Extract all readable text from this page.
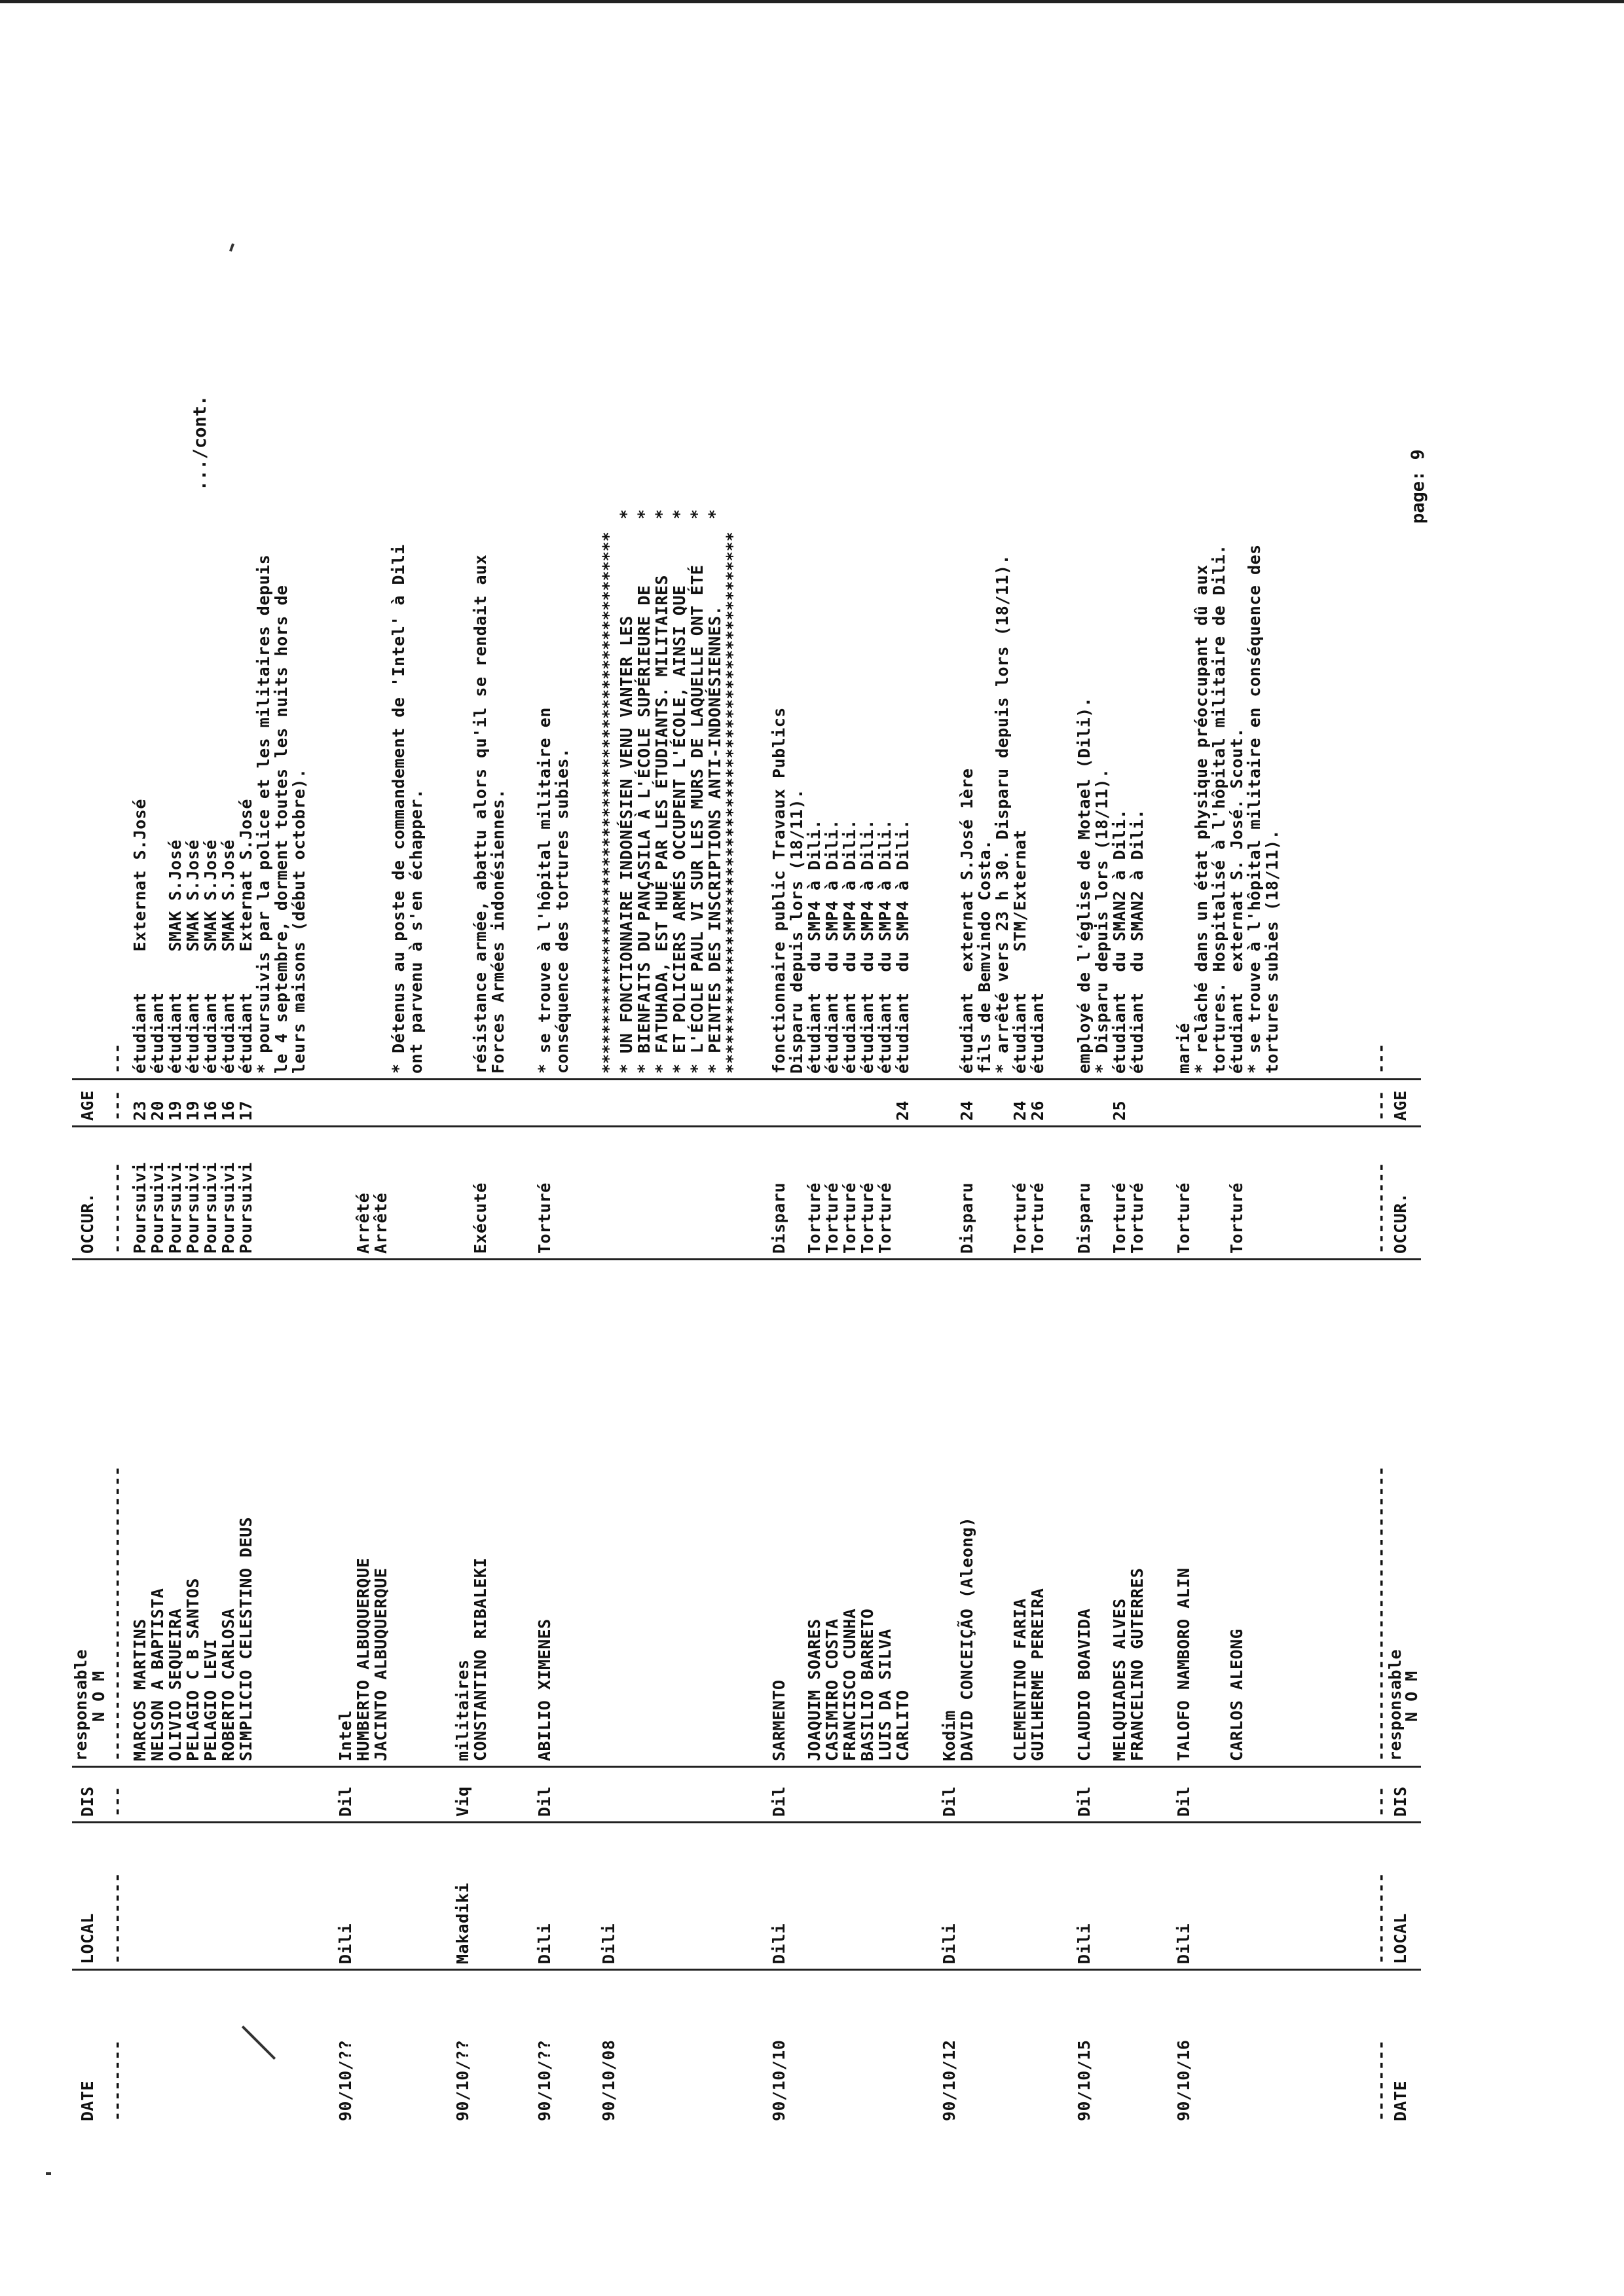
DATE
LOCAL
DIS
responsable
N O M
OCCUR.
AGE
--------
---------
---
-----------------------------
---------
---
---
.../cont.
MARCOS MARTINS
Poursuivi
23
étudiant    Externat S.José
NELSON A BAPTISTA
Poursuivi
20
étudiant
OLIVIO SEQUEIRA
Poursuivi
19
étudiant    SMAK S.José
PELAGIO C B SANTOS
Poursuivi
19
étudiant    SMAK S.José
PELAGIO LEVI
Poursuivi
16
étudiant    SMAK S.José
ROBERTO CARLOSA
Poursuivi
16
étudiant    SMAK S.José
SIMPLICIO CELESTINO DEUS
Poursuivi
17
étudiant    Externat S.José
* poursuivis par la police et les militaires depuis
le 4 septembre, dorment toutes les nuits hors de
leurs maisons (début octobre).
90/10/??
Dili
Dil
Intel
HUMBERTO ALBUQUERQUE
Arrêté
JACINTO ALBUQUERQUE
Arrêté
* Détenus au poste de commandement de 'Intel' à Dili
ont parvenu à s'en échapper.
90/10/??
Makadiki
Viq
militaires
CONSTANTINO RIBALEKI
Exécuté
résistance armée, abattu alors qu'il se rendait aux
Forces Armées indonésiennes.
90/10/??
Dili
Dil
ABILIO XIMENES
Torturé
* se trouve à l'hôpital militaire en
conséquence des tortures subies.
90/10/08
Dili
*******************************************************
* UN FONCTIONNAIRE INDONÉSIEN VENU VANTER LES
*
* BIENFAITS DU PANÇASILA À L'ÉCOLE SUPÉRIEURE DE
*
* FATUHADA, EST HUÉ PAR LES ÉTUDIANTS. MILITAIRES
*
* ET POLICIERS ARMÉS OCCUPENT L'ÉCOLE, AINSI QUE
*
* L'ÉCOLE PAUL VI SUR LES MURS DE LAQUELLE ONT ÉTÉ
*
* PEINTES DES INSCRIPTIONS ANTI-INDONÉSIENNES.
*
*******************************************************
90/10/10
Dili
Dil
SARMENTO
Disparu
fonctionnaire public Travaux Publics
Disparu depuis lors (18/11).
JOAQUIM SOARES
Torturé
étudiant  du SMP4 à Dili.
CASIMIRO COSTA
Torturé
étudiant  du SMP4 à Dili.
FRANCISCO CUNHA
Torturé
étudiant  du SMP4 à Dili.
BASILIO BARRETO
Torturé
étudiant  du SMP4 à Dili.
LUIS DA SILVA
Torturé
étudiant  du SMP4 à Dili.
CARLITO
24
étudiant  du SMP4 à Dili.
90/10/12
Dili
Dil
Kodim
DAVID CONCEIÇÃO (Aleong)
Disparu
24
étudiant  externat S.José 1ère
fils de Bemvindo Costa.
* arrêté vers 23 h 30. Disparu depuis lors (18/11).
CLEMENTINO FARIA
Torturé
24
étudiant    STM/Externat
GUILHERME PEREIRA
Torturé
26
étudiant
90/10/15
Dili
Dil
CLAUDIO BOAVIDA
Disparu
employé de l'église de Motael (Dili).
* Disparu depuis lors (18/11).
MELQUIADES ALVES
Torturé
25
étudiant  du SMAN2 à Dili.
FRANCELINO GUTERRES
Torturé
étudiant  du SMAN2 à Dili.
90/10/16
Dili
Dil
TALOFO NAMBORO ALIN
Torturé
marié
* relâché dans un état physique préoccupant dû aux
tortures. Hospitalisé à l'hôpital militaire de Dili.
CARLOS ALEONG
Torturé
étudiant  externat S. José. Scout.
* se trouve à l'hôpital militaire en conséquence des
tortures subies (18/11).
--------
---------
---
-----------------------------
---------
---
---
DATE
LOCAL
DIS
responsable
N O M
OCCUR.
AGE
page: 9
